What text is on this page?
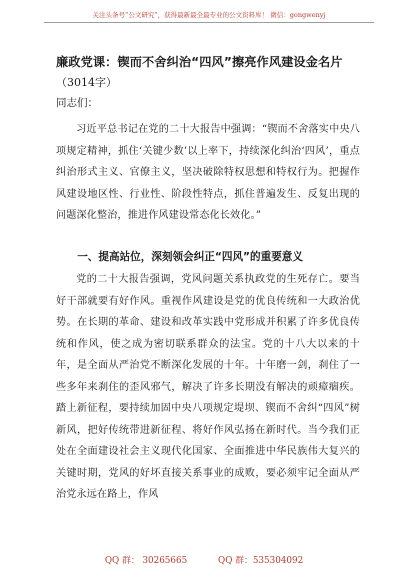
关注头条号“公文研究”，获得最新最全最专业的公文资料库！ 微信：gongwenyj
廉政党课：锲而不舍纠治“四风”擦亮作风建设金名片
（3014字）
同志们：
习近平总书记在党的二十大报告中强调：“锲而不舍落实中央八项规定精神，抓住‘关键少数’以上率下，持续深化纠治‘四风’，重点纠治形式主义、官僚主义，坚决破除特权思想和特权行为。把握作风建设地区性、行业性、阶段性特点，抓住普遍发生、反复出现的问题深化整治，推进作风建设常态化长效化。”
一、提高站位，深刻领会纠正“四风”的重要意义
党的二十大报告强调，党风问题关系执政党的生死存亡。要当好干部就要有好作风。重视作风建设是党的优良传统和一大政治优势。在长期的革命、建设和改革实践中党形成并积累了许多优良传统和作风，使之成为密切联系群众的法宝。党的十八大以来的十年，是全面从严治党不断深化发展的十年。十年磨一剑，刹住了一些多年来刹住的歪风邪气，解决了许多长期没有解决的顽瘴痼疾。踏上新征程，要持续加固中央八项规定堤坝、锲而不舍纠“四风”树新风，把好传统带进新征程、将好作风弘扬在新时代。当今我们正处在全面建设社会主义现代化国家、全面推进中华民族伟大复兴的关键时期，党风的好坏直接关系事业的成败，要必须牢记全面从严治党永远在路上，作风
QQ 群： 30265665	QQ 群：535304092
